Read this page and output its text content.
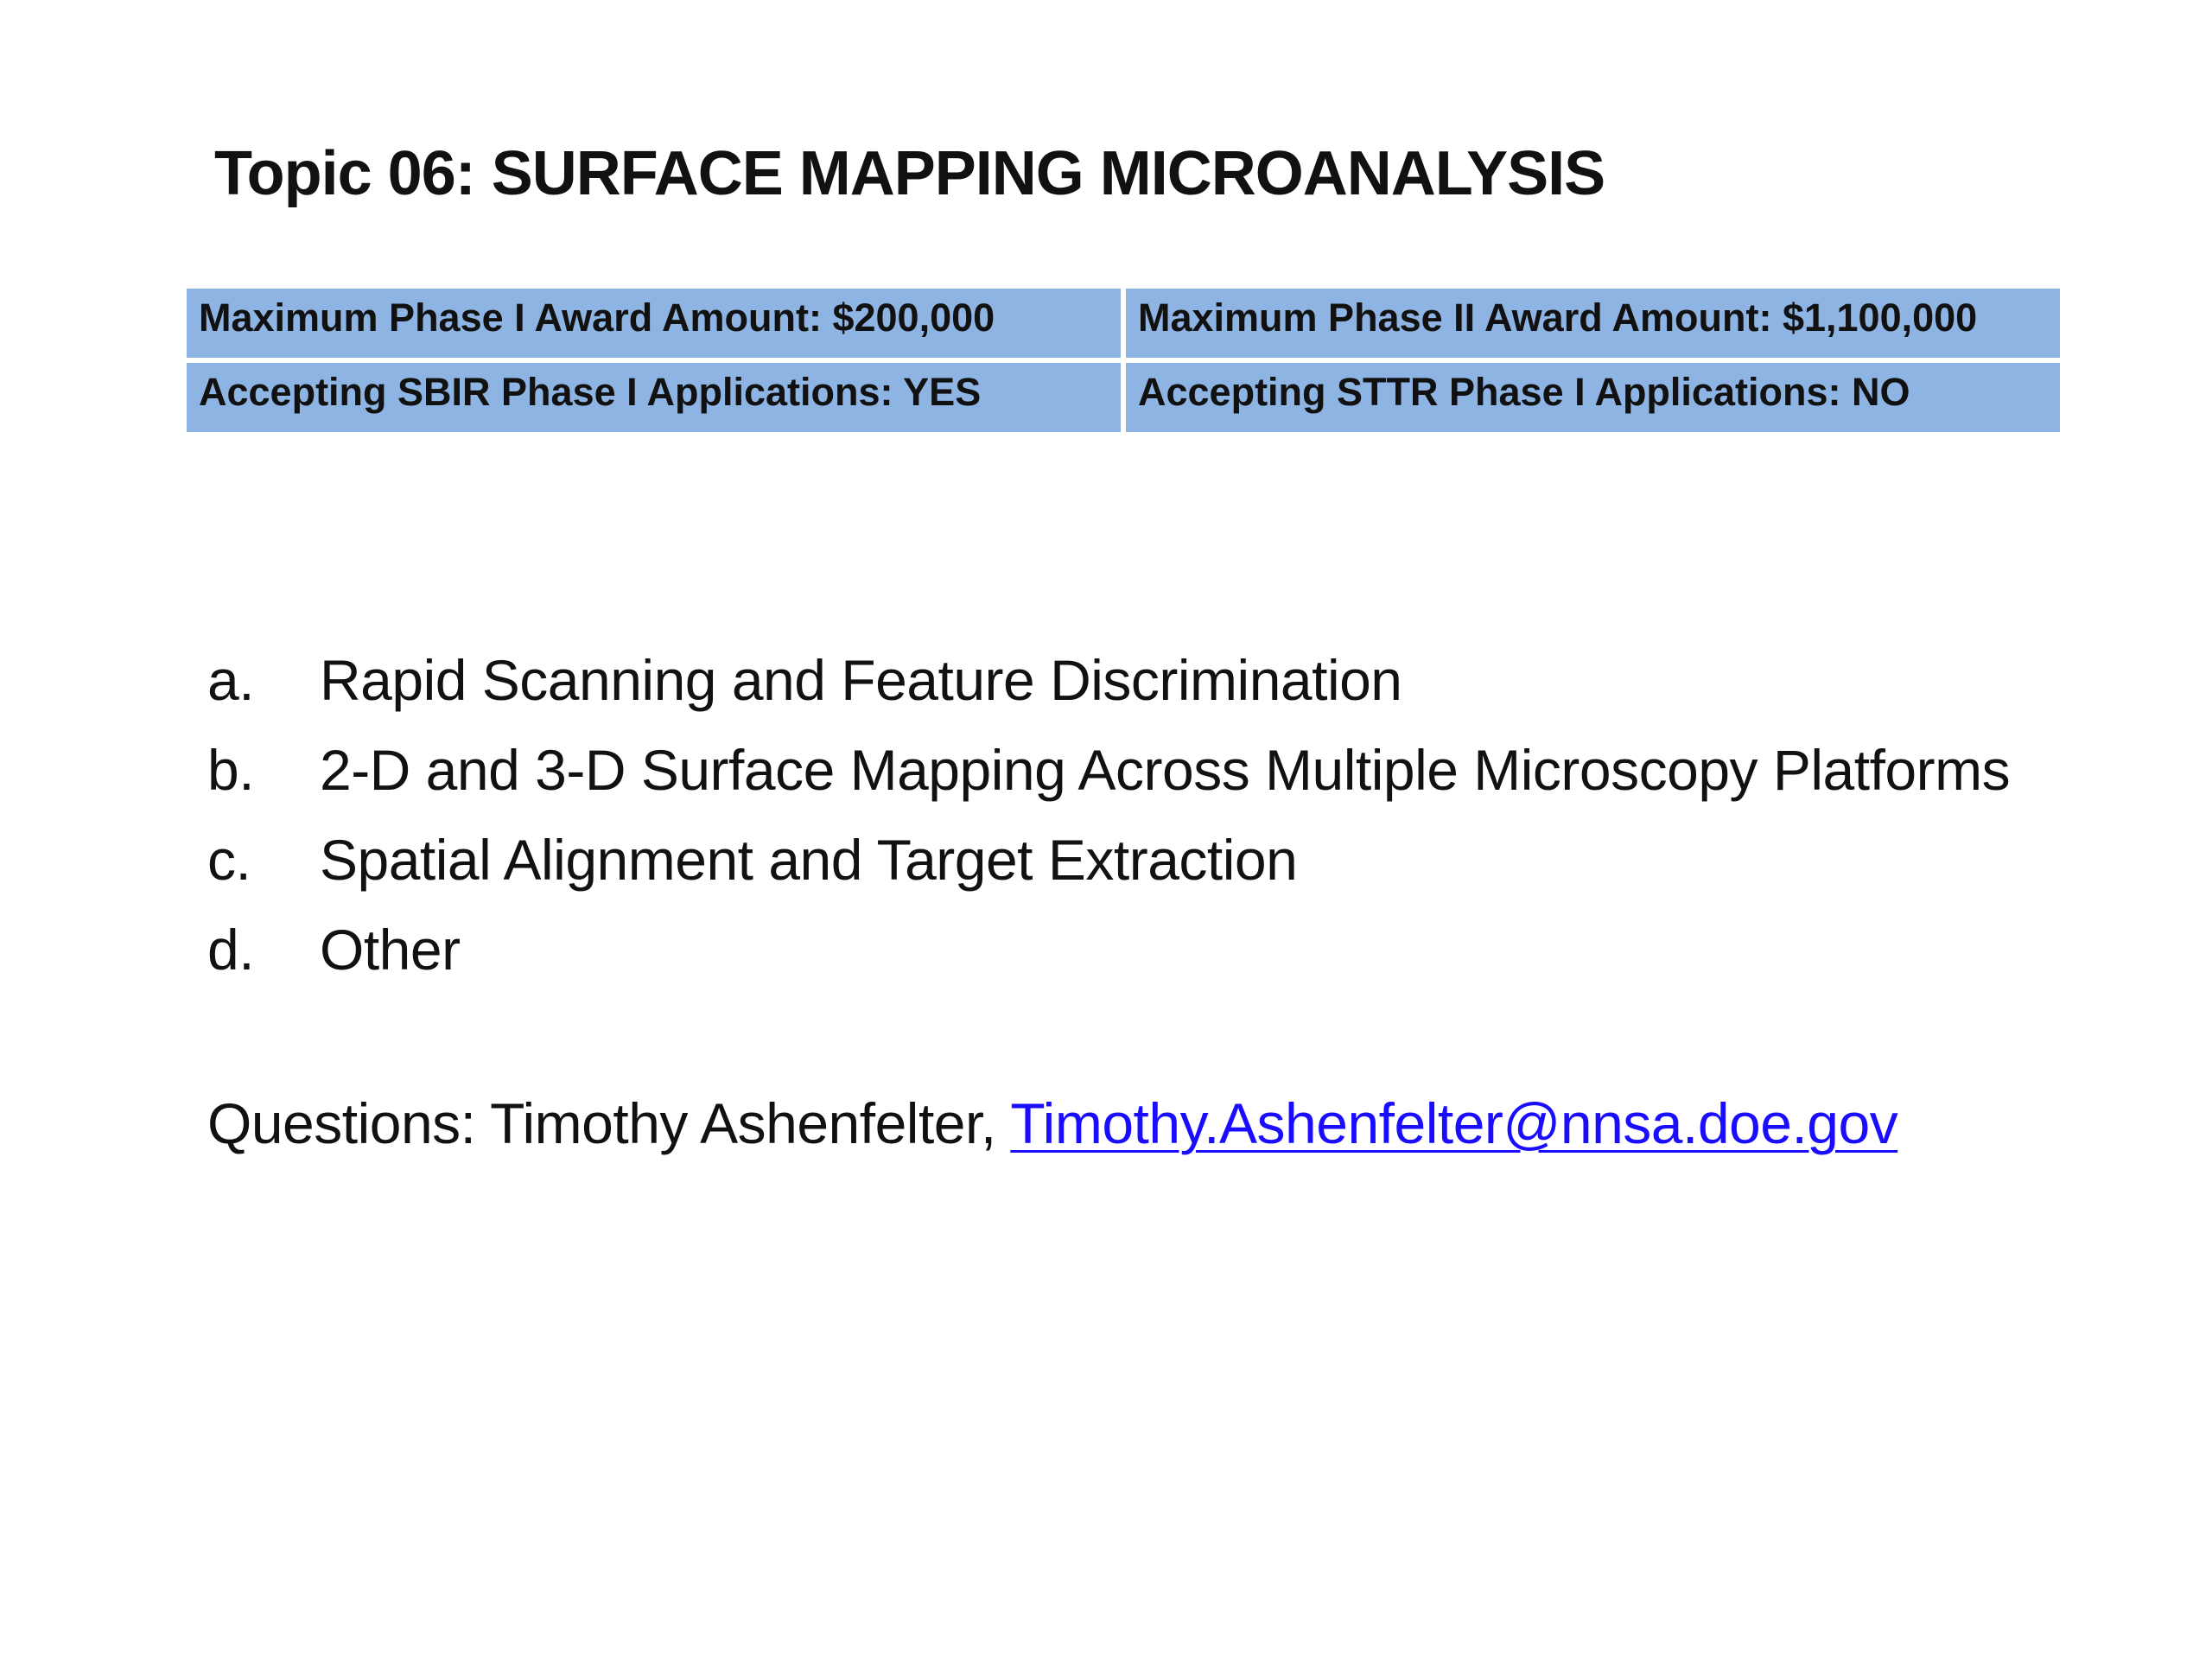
Topic 06: SURFACE MAPPING MICROANALYSIS
Maximum Phase I Award Amount: $200,000	Maximum Phase II Award Amount: $1,100,000
Accepting SBIR Phase I Applications: YES	Accepting STTR Phase I Applications: NO
a.	Rapid Scanning and Feature Discrimination
b.	2-D and 3-D Surface Mapping Across Multiple Microscopy Platforms
c.	Spatial Alignment and Target Extraction
d.	Other

Questions: Timothy Ashenfelter, Timothy.Ashenfelter@nnsa.doe.gov
